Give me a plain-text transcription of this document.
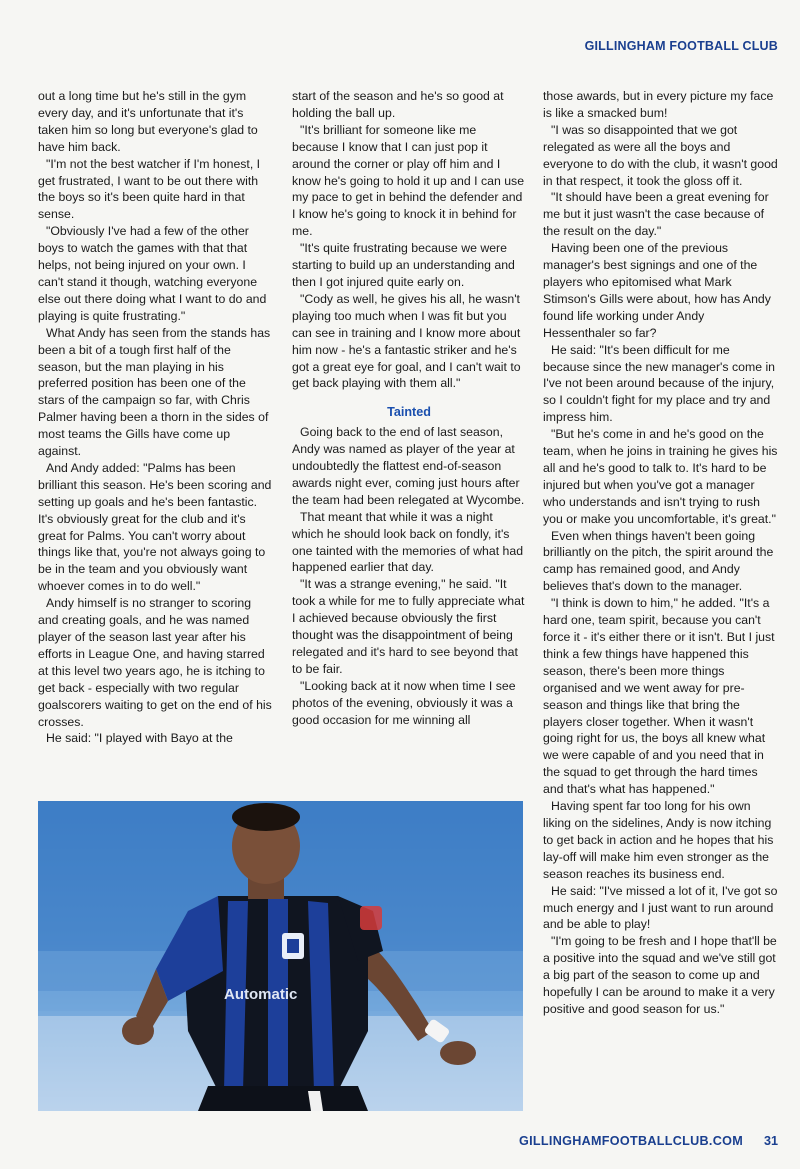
GILLINGHAM FOOTBALL CLUB

out a long time but he's still in the gym every day, and it's unfortunate that it's taken him so long but everyone's glad to have him back.

"I'm not the best watcher if I'm honest, I get frustrated, I want to be out there with the boys so it's been quite hard in that sense.

"Obviously I've had a few of the other boys to watch the games with that that helps, not being injured on your own. I can't stand it though, watching everyone else out there doing what I want to do and playing is quite frustrating."

What Andy has seen from the stands has been a bit of a tough first half of the season, but the man playing in his preferred position has been one of the stars of the campaign so far, with Chris Palmer having been a thorn in the sides of most teams the Gills have come up against.

And Andy added: "Palms has been brilliant this season. He's been scoring and setting up goals and he's been fantastic. It's obviously great for the club and it's great for Palms. You can't worry about things like that, you're not always going to be in the team and you obviously want whoever comes in to do well."

Andy himself is no stranger to scoring and creating goals, and he was named player of the season last year after his efforts in League One, and having starred at this level two years ago, he is itching to get back - especially with two regular goalscorers waiting to get on the end of his crosses.

He said: "I played with Bayo at the

start of the season and he's so good at holding the ball up.

"It's brilliant for someone like me because I know that I can just pop it around the corner or play off him and I know he's going to hold it up and I can use my pace to get in behind the defender and I know he's going to knock it in behind for me.

"It's quite frustrating because we were starting to build up an understanding and then I got injured quite early on.

"Cody as well, he gives his all, he wasn't playing too much when I was fit but you can see in training and I know more about him now - he's a fantastic striker and he's got a great eye for goal, and I can't wait to get back playing with them all."

Tainted

Going back to the end of last season, Andy was named as player of the year at undoubtedly the flattest end-of-season awards night ever, coming just hours after the team had been relegated at Wycombe.

That meant that while it was a night which he should look back on fondly, it's one tainted with the memories of what had happened earlier that day.

"It was a strange evening," he said. "It took a while for me to fully appreciate what I achieved because obviously the first thought was the disappointment of being relegated and it's hard to see beyond that to be fair.

"Looking back at it now when time I see photos of the evening, obviously it was a good occasion for me winning all

those awards, but in every picture my face is like a smacked bum!

"I was so disappointed that we got relegated as were all the boys and everyone to do with the club, it wasn't good in that respect, it took the gloss off it.

"It should have been a great evening for me but it just wasn't the case because of the result on the day."

Having been one of the previous manager's best signings and one of the players who epitomised what Mark Stimson's Gills were about, how has Andy found life working under Andy Hessenthaler so far?

He said: "It's been difficult for me because since the new manager's come in I've not been around because of the injury, so I couldn't fight for my place and try and impress him.

"But he's come in and he's good on the team, when he joins in training he gives his all and he's good to talk to. It's hard to be injured but when you've got a manager who understands and isn't trying to rush you or make you uncomfortable, it's great."

Even when things haven't been going brilliantly on the pitch, the spirit around the camp has remained good, and Andy believes that's down to the manager.

"I think is down to him," he added. "It's a hard one, team spirit, because you can't force it - it's either there or it isn't. But I just think a few things have happened this season, there's been more things organised and we went away for pre-season and things like that bring the players closer together. When it wasn't going right for us, the boys all knew what we were capable of and you need that in the squad to get through the hard times and that's what has happened."

Having spent far too long for his own liking on the sidelines, Andy is now itching to get back in action and he hopes that his lay-off will make him even stronger as the season reaches its business end.

He said: "I've missed a lot of it, I've got so much energy and I just want to run around and be able to play!

"I'm going to be fresh and I hope that'll be a positive into the squad and we've still got a big part of the season to come up and hopefully I can be around to make it a very positive and good season for us."

Automatic
GILLINGHAMFOOTBALLCLUB.COM 31
